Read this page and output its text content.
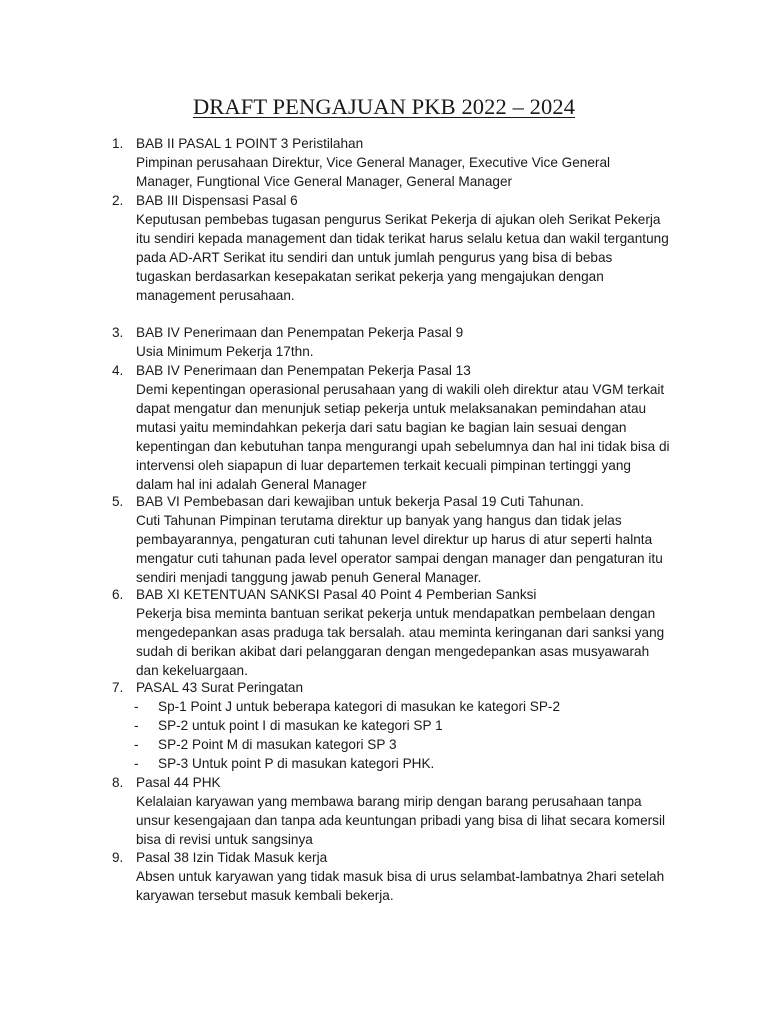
DRAFT PENGAJUAN PKB 2022 – 2024
1. BAB II PASAL 1 POINT 3 Peristilahan
Pimpinan perusahaan Direktur, Vice General Manager, Executive Vice General
Manager, Fungtional Vice General Manager, General Manager
2. BAB III Dispensasi Pasal 6
Keputusan pembebas tugasan pengurus Serikat Pekerja di ajukan oleh Serikat Pekerja
itu sendiri kepada management dan tidak terikat harus selalu ketua dan wakil tergantung
pada AD-ART Serikat itu sendiri dan untuk jumlah pengurus yang bisa di bebas
tugaskan berdasarkan kesepakatan serikat pekerja yang mengajukan dengan
management perusahaan.
3. BAB IV Penerimaan dan Penempatan Pekerja Pasal 9
Usia Minimum Pekerja 17thn.
4. BAB IV Penerimaan dan Penempatan Pekerja Pasal 13
Demi kepentingan operasional perusahaan yang di wakili oleh direktur atau VGM terkait
dapat mengatur dan menunjuk setiap pekerja untuk melaksanakan pemindahan atau
mutasi yaitu memindahkan pekerja dari satu bagian ke bagian lain sesuai dengan
kepentingan dan kebutuhan tanpa mengurangi upah sebelumnya dan hal ini tidak bisa di
intervensi oleh siapapun di luar departemen terkait kecuali pimpinan tertinggi yang
dalam hal ini adalah General Manager
5. BAB VI Pembebasan dari kewajiban untuk bekerja Pasal 19 Cuti Tahunan.
Cuti Tahunan Pimpinan terutama direktur up banyak yang hangus dan tidak jelas
pembayarannya, pengaturan cuti tahunan level direktur up harus di atur seperti halnta
mengatur cuti tahunan pada level operator sampai dengan manager dan pengaturan itu
sendiri menjadi tanggung jawab penuh General Manager.
6. BAB XI KETENTUAN SANKSI Pasal 40 Point 4 Pemberian Sanksi
Pekerja bisa meminta bantuan serikat pekerja untuk mendapatkan pembelaan dengan
mengedepankan asas praduga tak bersalah. atau meminta keringanan dari sanksi yang
sudah di berikan akibat dari pelanggaran dengan mengedepankan asas musyawarah
dan kekeluargaan.
7. PASAL 43 Surat Peringatan
- Sp-1 Point J untuk beberapa kategori di masukan ke kategori SP-2
- SP-2 untuk point I di masukan ke kategori SP 1
- SP-2 Point M di masukan kategori SP 3
- SP-3 Untuk point P di masukan kategori PHK.
8. Pasal 44 PHK
Kelalaian karyawan yang membawa barang mirip dengan barang perusahaan tanpa
unsur kesengajaan dan tanpa ada keuntungan pribadi yang bisa di lihat secara komersil
bisa di revisi untuk sangsinya
9. Pasal 38 Izin Tidak Masuk kerja
Absen untuk karyawan yang tidak masuk bisa di urus selambat-lambatnya 2hari setelah
karyawan tersebut masuk kembali bekerja.
